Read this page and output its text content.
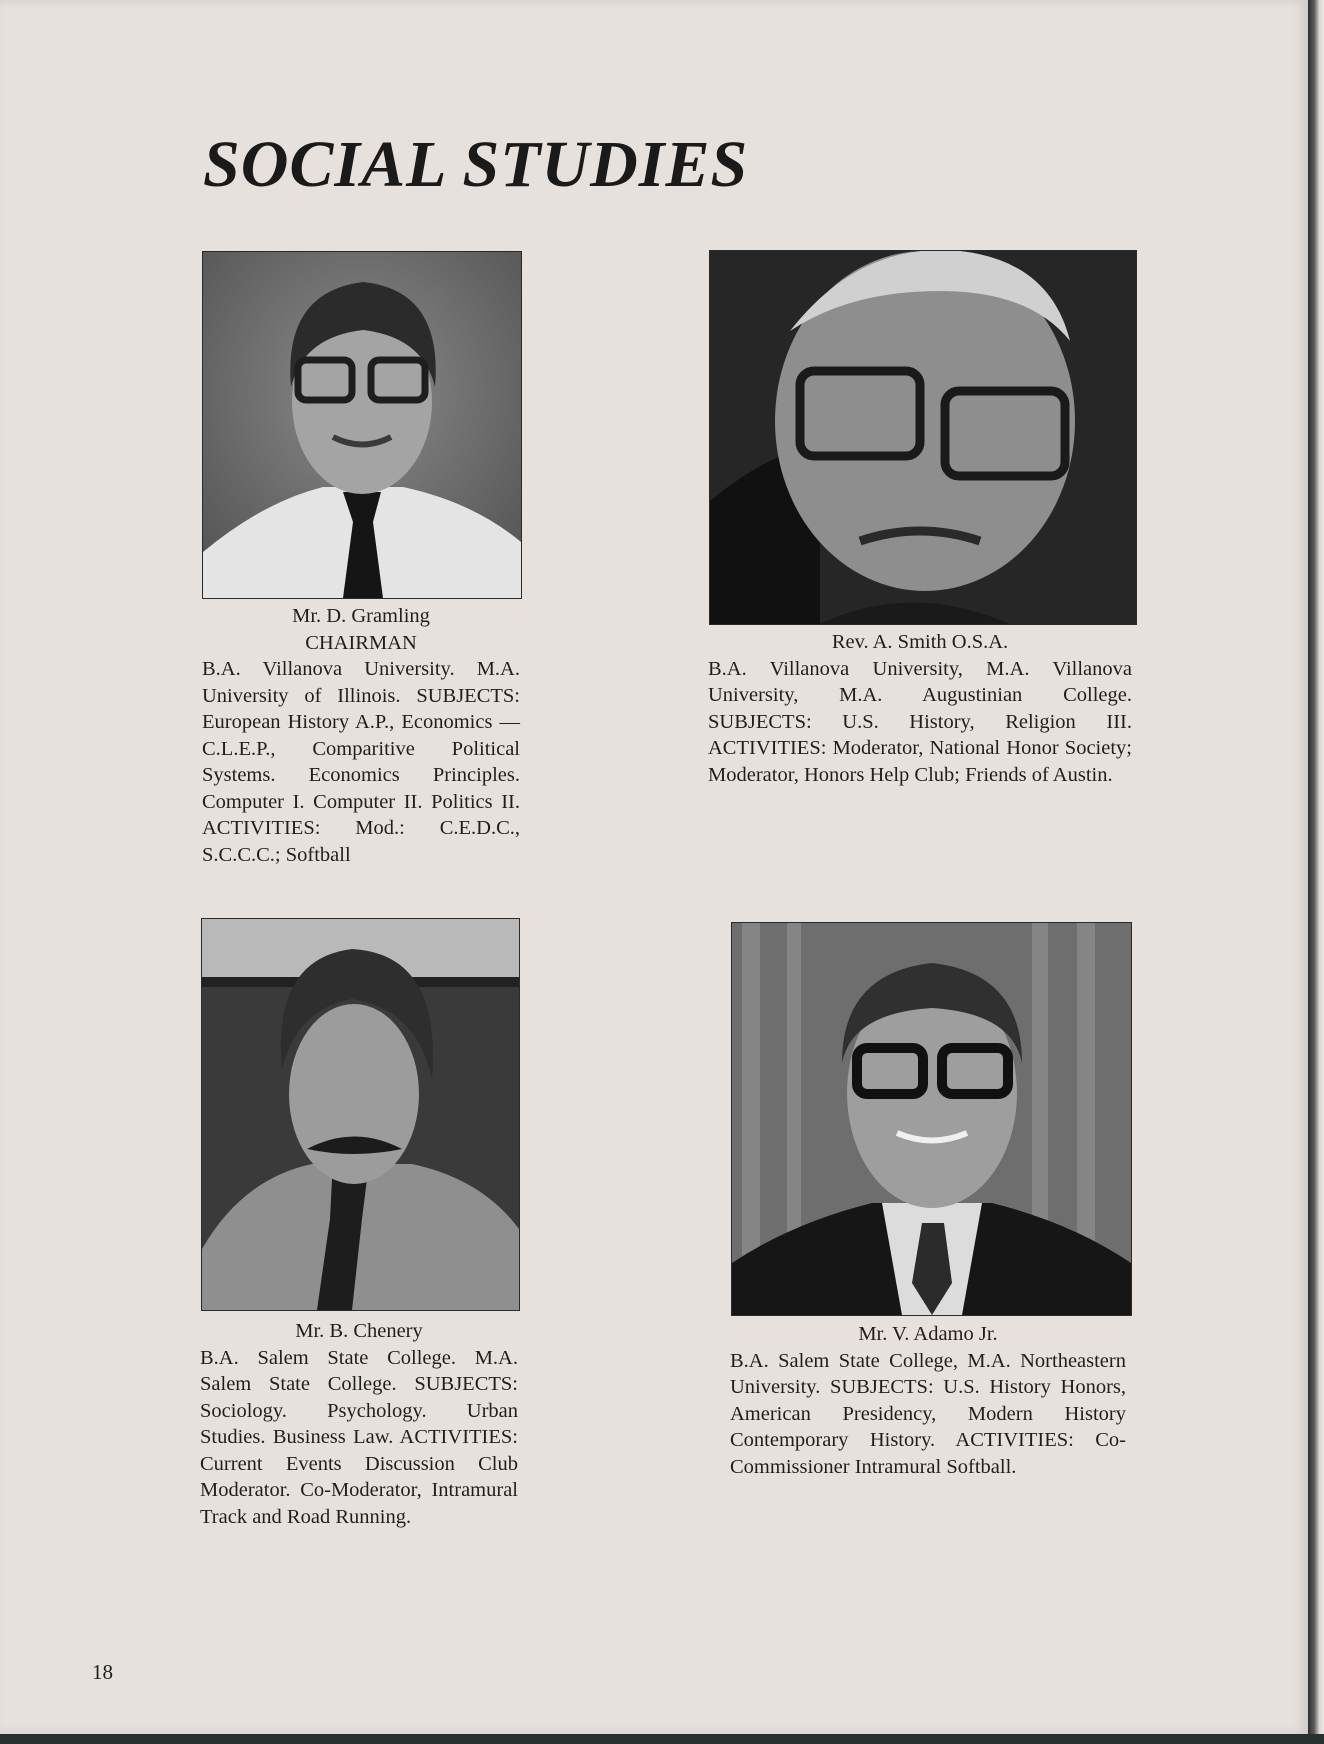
SOCIAL STUDIES
Mr. D. Gramling
CHAIRMAN
B.A. Villanova University. M.A. University of Illinois. SUBJECTS: European History A.P., Economics — C.L.E.P., Comparitive Political Systems. Economics Principles. Computer I. Computer II. Politics II. ACTIVITIES: Mod.: C.E.D.C., S.C.C.C.; Softball
Rev. A. Smith O.S.A.
B.A. Villanova University, M.A. Villanova University, M.A. Augustinian College. SUBJECTS: U.S. History, Religion III. ACTIVITIES: Moderator, National Honor Society; Moderator, Honors Help Club; Friends of Austin.
Mr. B. Chenery
B.A. Salem State College. M.A. Salem State College. SUBJECTS: Sociology. Psychology. Urban Studies. Business Law. ACTIVITIES: Current Events Discussion Club Moderator. Co-Moderator, Intramural Track and Road Running.
Mr. V. Adamo Jr.
B.A. Salem State College, M.A. Northeastern University. SUBJECTS: U.S. History Honors, American Presidency, Modern History Contemporary History. ACTIVITIES: Co-Commissioner Intramural Softball.
18
